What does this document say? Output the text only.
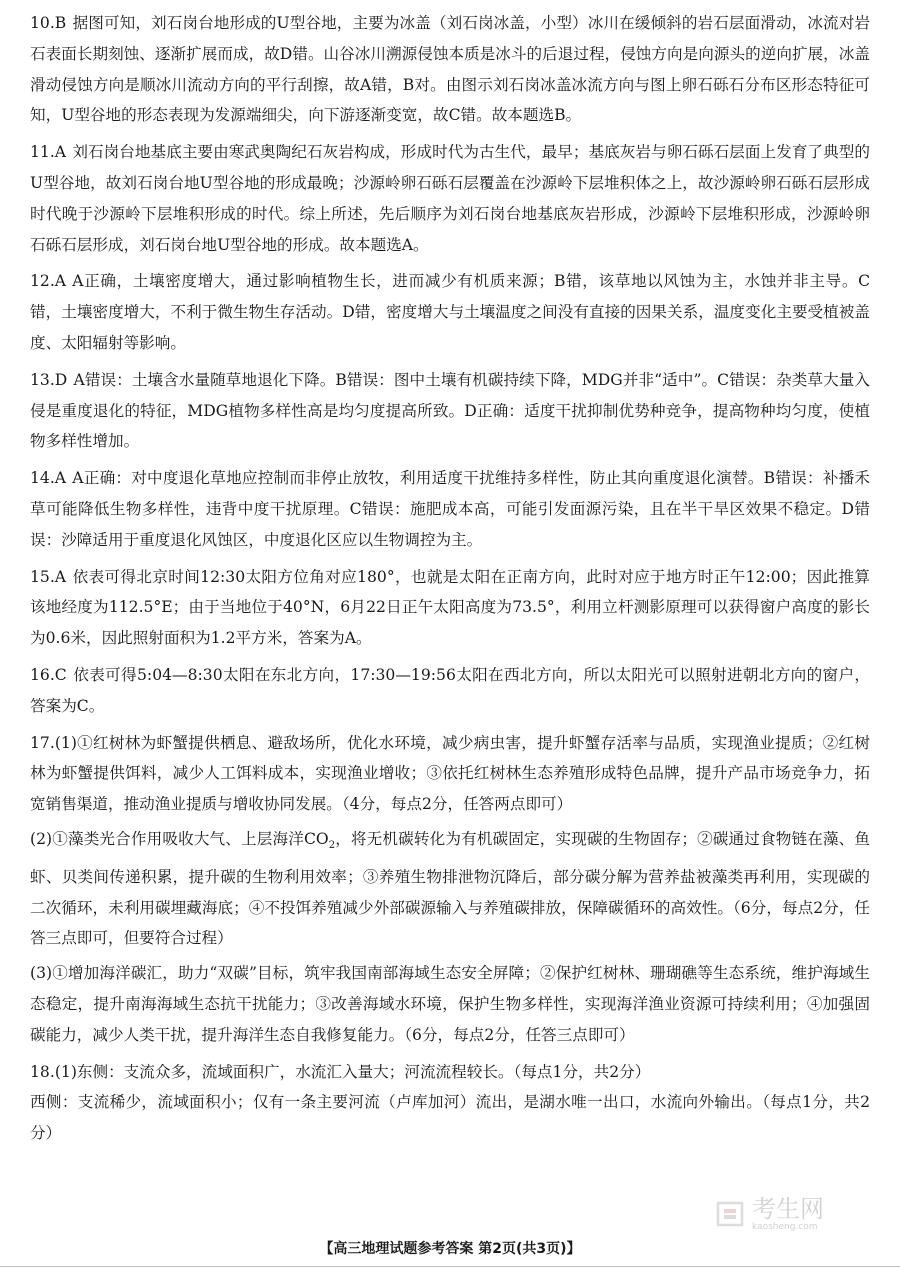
10.B 据图可知，刘石岗台地形成的U型谷地，主要为冰盖（刘石岗冰盖，小型）冰川在缓倾斜的岩石层面滑动，冰流对岩石表面长期刻蚀、逐渐扩展而成，故D错。山谷冰川溯源侵蚀本质是冰斗的后退过程，侵蚀方向是向源头的逆向扩展，冰盖滑动侵蚀方向是顺冰川流动方向的平行刮擦，故A错，B对。由图示刘石岗冰盖冰流方向与图上卵石砾石分布区形态特征可知，U型谷地的形态表现为发源端细尖，向下游逐渐变宽，故C错。故本题选B。
11.A 刘石岗台地基底主要由寒武奥陶纪石灰岩构成，形成时代为古生代，最早；基底灰岩与卵石砾石层面上发育了典型的U型谷地，故刘石岗台地U型谷地的形成最晚；沙源岭卵石砾石层覆盖在沙源岭下层堆积体之上，故沙源岭卵石砾石层形成时代晚于沙源岭下层堆积形成的时代。综上所述，先后顺序为刘石岗台地基底灰岩形成，沙源岭下层堆积形成，沙源岭卵石砾石层形成，刘石岗台地U型谷地的形成。故本题选A。
12.A A正确，土壤密度增大，通过影响植物生长，进而减少有机质来源；B错，该草地以风蚀为主，水蚀并非主导。C错，土壤密度增大，不利于微生物生存活动。D错，密度增大与土壤温度之间没有直接的因果关系，温度变化主要受植被盖度、太阳辐射等影响。
13.D A错误：土壤含水量随草地退化下降。B错误：图中土壤有机碳持续下降，MDG并非“适中”。C错误：杂类草大量入侵是重度退化的特征，MDG植物多样性高是均匀度提高所致。D正确：适度干扰抑制优势种竞争，提高物种均匀度，使植物多样性增加。
14.A A正确：对中度退化草地应控制而非停止放牧，利用适度干扰维持多样性，防止其向重度退化演替。B错误：补播禾草可能降低生物多样性，违背中度干扰原理。C错误：施肥成本高，可能引发面源污染，且在半干旱区效果不稳定。D错误：沙障适用于重度退化风蚀区，中度退化区应以生物调控为主。
15.A 依表可得北京时间12:30太阳方位角对应180°，也就是太阳在正南方向，此时对应于地方时正午12:00；因此推算该地经度为112.5°E；由于当地位于40°N，6月22日正午太阳高度为73.5°，利用立杆测影原理可以获得窗户高度的影长为0.6米，因此照射面积为1.2平方米，答案为A。
16.C 依表可得5:04—8:30太阳在东北方向，17:30—19:56太阳在西北方向，所以太阳光可以照射进朝北方向的窗户，答案为C。
17.(1)①红树林为虾蟹提供栖息、避敌场所，优化水环境，减少病虫害，提升虾蟹存活率与品质，实现渔业提质；②红树林为虾蟹提供饵料，减少人工饵料成本，实现渔业增收；③依托红树林生态养殖形成特色品牌，提升产品市场竞争力，拓宽销售渠道，推动渔业提质与增收协同发展。（4分，每点2分，任答两点即可）
(2)①藻类光合作用吸收大气、上层海洋$CO_2$，将无机碳转化为有机碳固定，实现碳的生物固存；②碳通过食物链在藻、鱼虾、贝类间传递积累，提升碳的生物利用效率；③养殖生物排泄物沉降后，部分碳分解为营养盐被藻类再利用，实现碳的二次循环，未利用碳埋藏海底；④不投饵养殖减少外部碳源输入与养殖碳排放，保障碳循环的高效性。（6分，每点2分，任答三点即可，但要符合过程）
(3)①增加海洋碳汇，助力“双碳”目标，筑牢我国南部海域生态安全屏障；②保护红树林、珊瑚礁等生态系统，维护海域生态稳定，提升南海海域生态抗干扰能力；③改善海域水环境，保护生物多样性，实现海洋渔业资源可持续利用；④加强固碳能力，减少人类干扰，提升海洋生态自我修复能力。（6分，每点2分，任答三点即可）
18.(1)东侧：支流众多，流域面积广，水流汇入量大；河流流程较长。（每点1分，共2分）
西侧：支流稀少，流域面积小；仅有一条主要河流（卢库加河）流出，是湖水唯一出口，水流向外输出。（每点1分，共2分）
考生网
kaosheng.com
【高三地理试题参考答案 第2页(共3页)】
